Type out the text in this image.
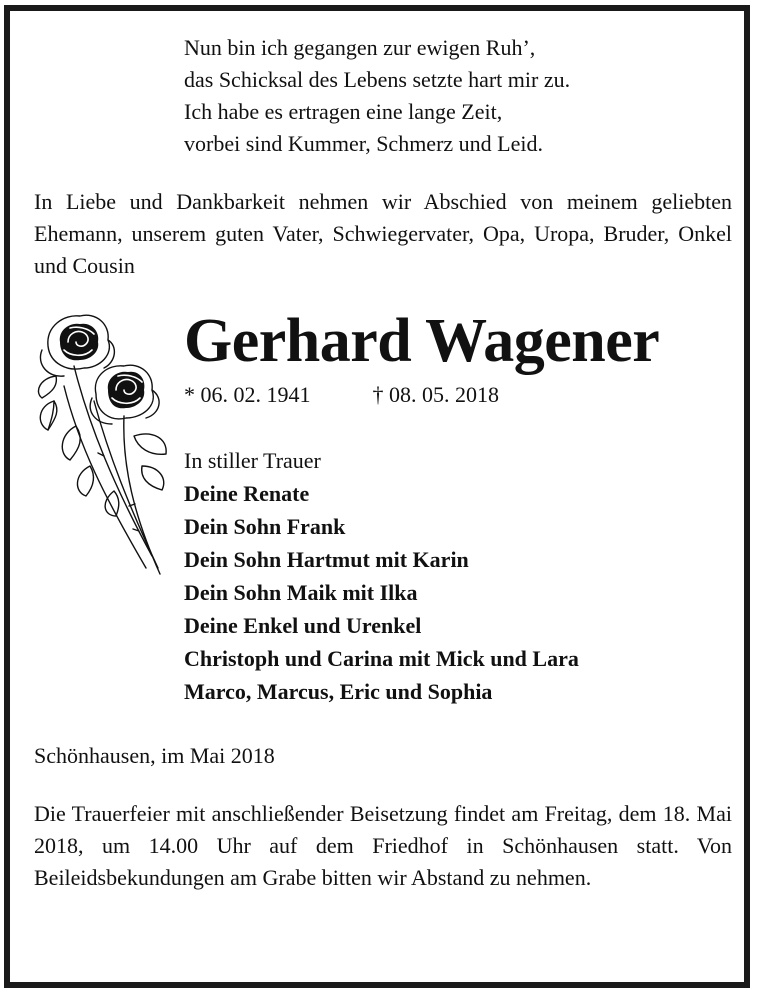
Nun bin ich gegangen zur ewigen Ruh’,
das Schicksal des Lebens setzte hart mir zu.
Ich habe es ertragen eine lange Zeit,
vorbei sind Kummer, Schmerz und Leid.
In Liebe und Dankbarkeit nehmen wir Abschied von meinem geliebten Ehemann, unserem guten Vater, Schwiegervater, Opa, Uropa, Bruder, Onkel und Cousin
Gerhard Wagener
* 06. 02. 1941	† 08. 05. 2018
In stiller Trauer
Deine Renate
Dein Sohn Frank
Dein Sohn Hartmut mit Karin
Dein Sohn Maik mit Ilka
Deine Enkel und Urenkel
Christoph und Carina mit Mick und Lara
Marco, Marcus, Eric und Sophia
Schönhausen, im Mai 2018
Die Trauerfeier mit anschließender Beisetzung findet am Freitag, dem 18. Mai 2018, um 14.00 Uhr auf dem Friedhof in Schönhausen statt. Von Beileidsbekundungen am Grabe bitten wir Abstand zu nehmen.
